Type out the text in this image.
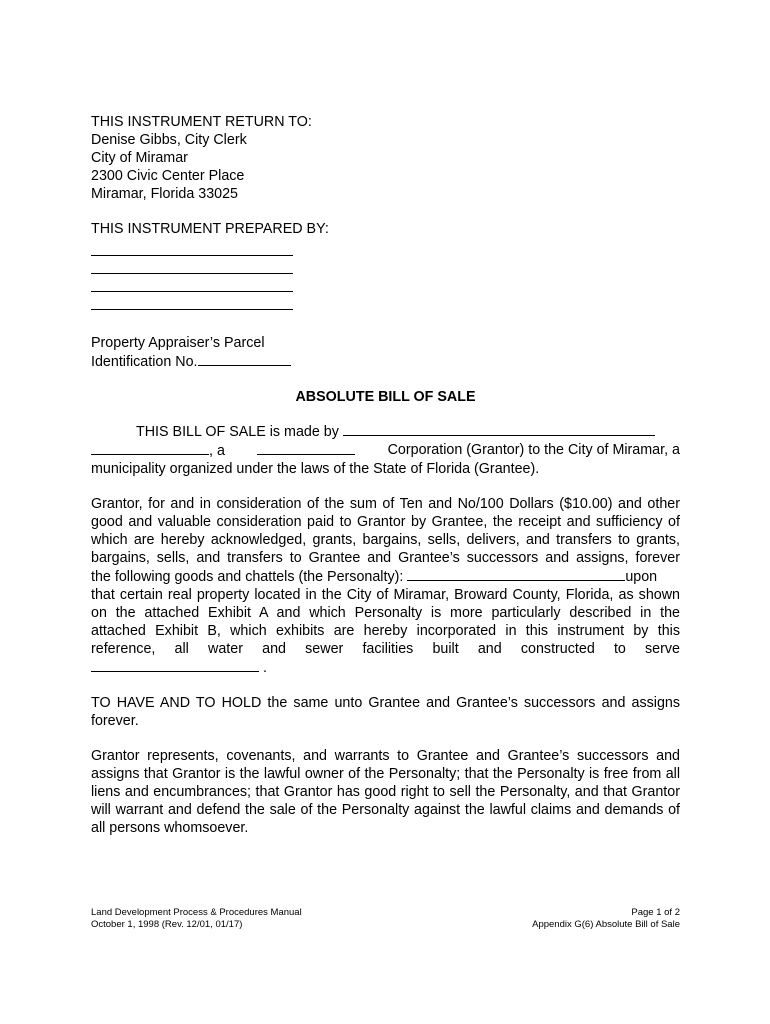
THIS INSTRUMENT RETURN TO:
Denise Gibbs, City Clerk
City of Miramar
2300 Civic Center Place
Miramar, Florida 33025
THIS INSTRUMENT PREPARED BY:
Property Appraiser’s Parcel
Identification No.
ABSOLUTE BILL OF SALE
THIS BILL OF SALE is made by
, a	Corporation (Grantor) to the City of Miramar, a
municipality organized under the laws of the State of Florida (Grantee).
Grantor, for and in consideration of the sum of Ten and No/100 Dollars ($10.00) and other
good and valuable consideration paid to Grantor by Grantee, the receipt and sufficiency of
which are hereby acknowledged, grants, bargains, sells, delivers, and transfers to grants,
bargains, sells, and transfers to Grantee and Grantee’s successors and assigns, forever
the following goods and chattels (the Personalty):	upon
that certain real property located in the City of Miramar, Broward County, Florida, as shown
on the attached Exhibit A and which Personalty is more particularly described in the
attached Exhibit B, which exhibits are hereby incorporated in this instrument by this
reference, all water and sewer facilities built and constructed to serve
.

TO HAVE AND TO HOLD the same unto Grantee and Grantee’s successors and assigns forever.

Grantor represents, covenants, and warrants to Grantee and Grantee’s successors and assigns that Grantor is the lawful owner of the Personalty; that the Personalty is free from all liens and encumbrances; that Grantor has good right to sell the Personalty, and that Grantor will warrant and defend the sale of the Personalty against the lawful claims and demands of all persons whomsoever.

Land Development Process & Procedures Manual
October 1, 1998 (Rev. 12/01, 01/17)
Page 1 of 2
Appendix G(6) Absolute Bill of Sale
